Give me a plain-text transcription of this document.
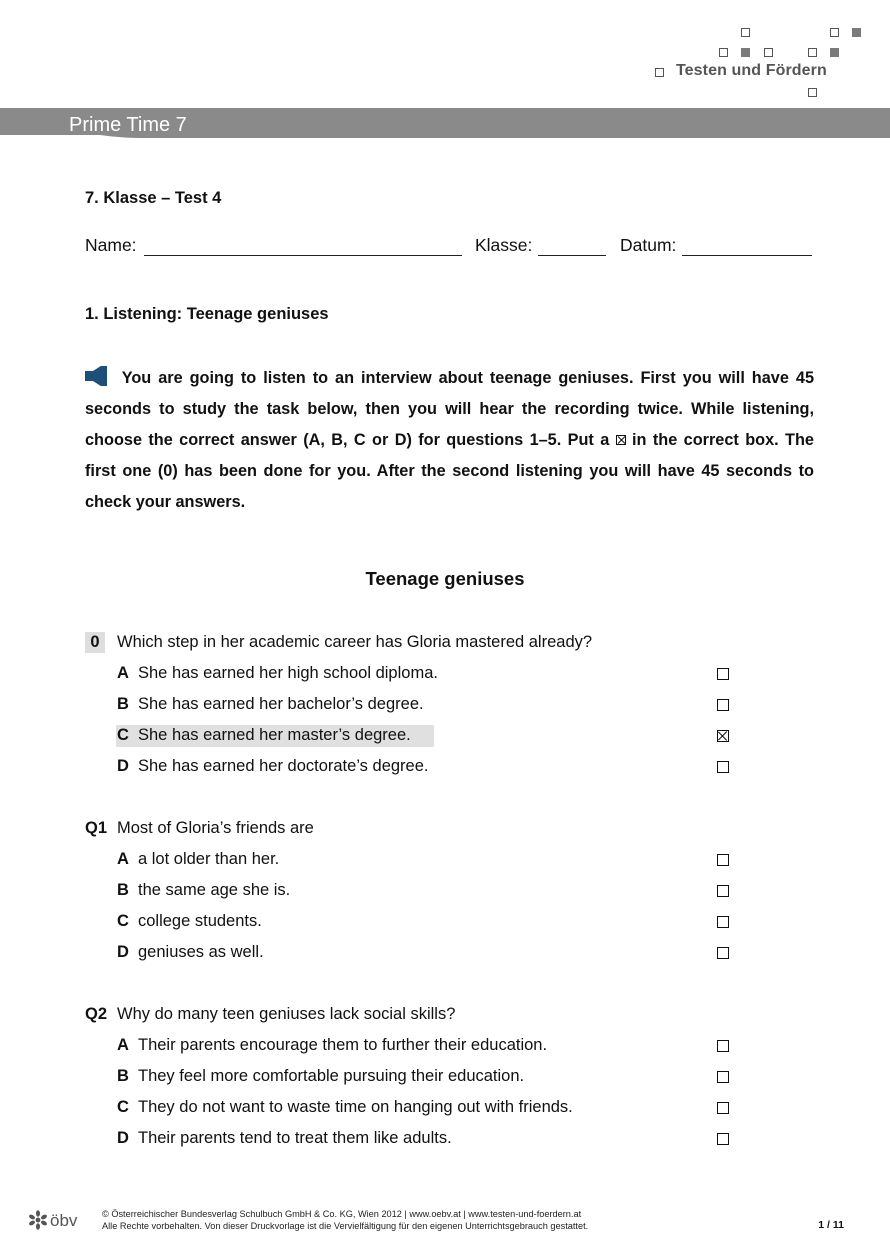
Testen und Fördern
Prime Time 7
7. Klasse – Test 4
Name:	Klasse:	Datum:
1. Listening: Teenage geniuses
You are going to listen to an interview about teenage geniuses. First you will have 45 seconds to study the task below, then you will hear the recording twice. While listening, choose the correct answer (A, B, C or D) for questions 1–5. Put a in the correct box. The first one (0) has been done for you. After the second listening you will have 45 seconds to check your answers.
Teenage geniuses
0	Which step in her academic career has Gloria mastered already?
A She has earned her high school diploma.
B She has earned her bachelor’s degree.
C She has earned her master’s degree.
D She has earned her doctorate’s degree.
Q1 Most of Gloria’s friends are
A a lot older than her.
B the same age she is.
C college students.
D geniuses as well.
Q2 Why do many teen geniuses lack social skills?
A Their parents encourage them to further their education.
B They feel more comfortable pursuing their education.
C They do not want to waste time on hanging out with friends.
D Their parents tend to treat them like adults.
öbv	© Österreichischer Bundesverlag Schulbuch GmbH & Co. KG, Wien 2012 | www.oebv.at | www.testen-und-foerdern.at
Alle Rechte vorbehalten. Von dieser Druckvorlage ist die Vervielfältigung für den eigenen Unterrichtsgebrauch gestattet.	1 / 11
